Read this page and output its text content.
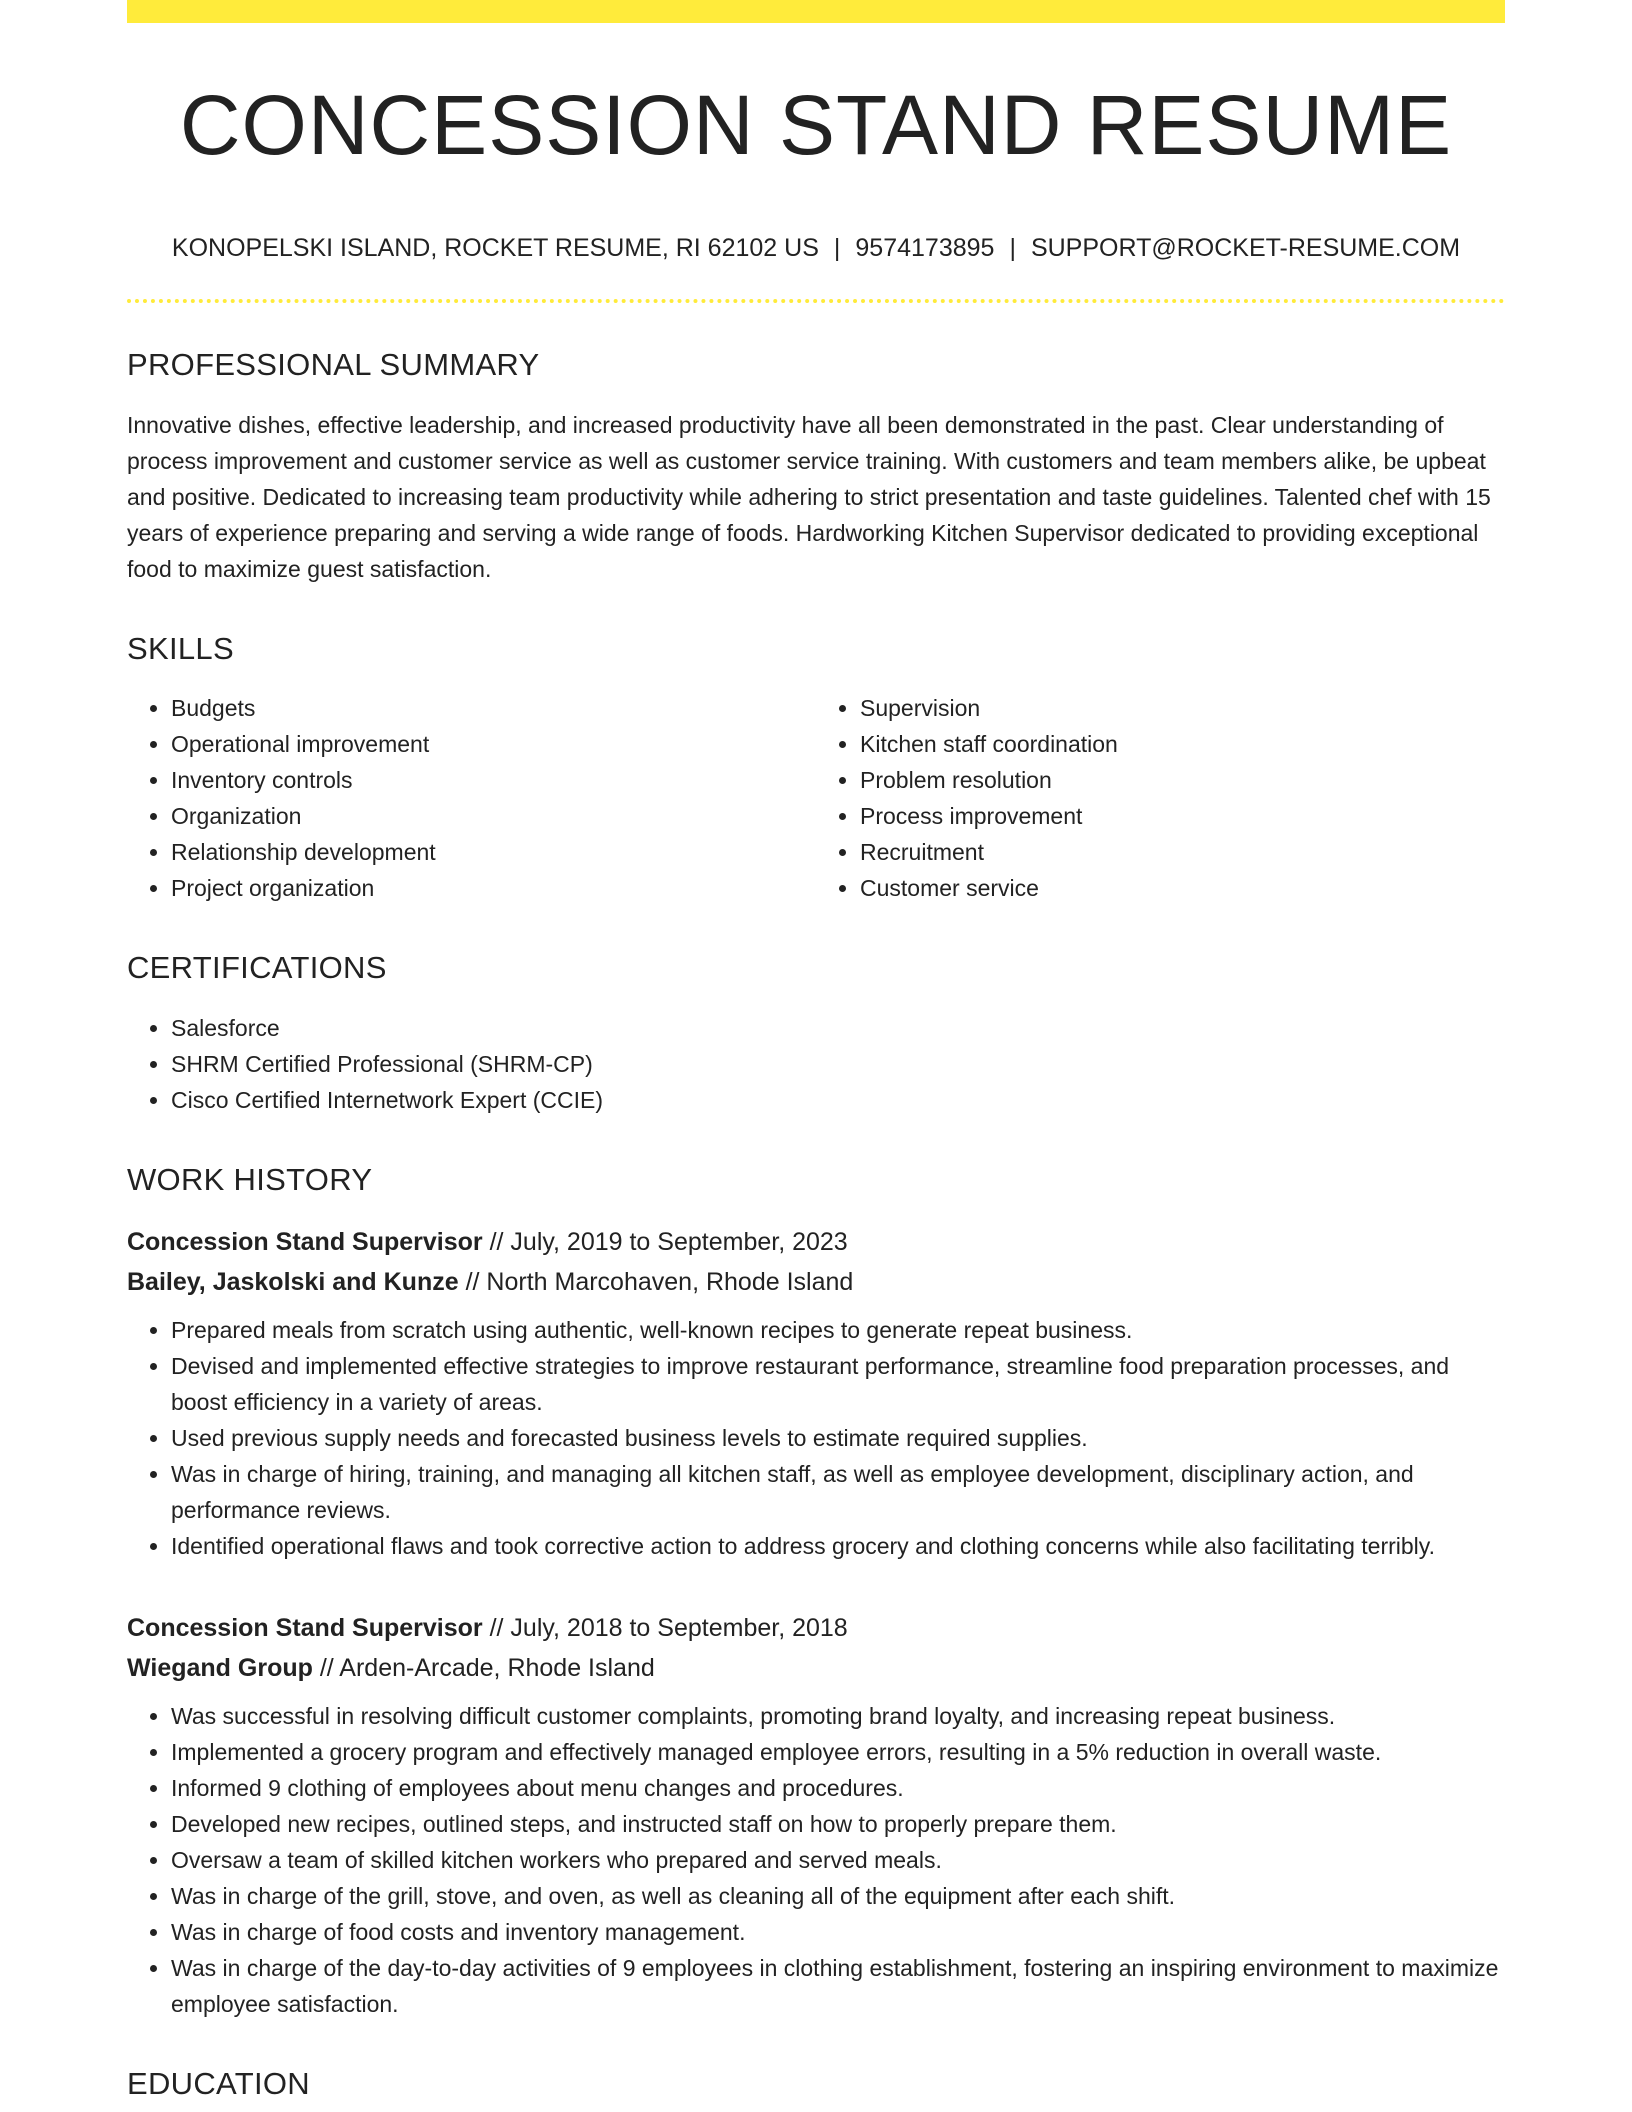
CONCESSION STAND RESUME
KONOPELSKI ISLAND, ROCKET RESUME, RI 62102 US | 9574173895 | SUPPORT@ROCKET-RESUME.COM
PROFESSIONAL SUMMARY

Innovative dishes, effective leadership, and increased productivity have all been demonstrated in the past. Clear understanding of process improvement and customer service as well as customer service training. With customers and team members alike, be upbeat and positive. Dedicated to increasing team productivity while adhering to strict presentation and taste guidelines. Talented chef with 15 years of experience preparing and serving a wide range of foods. Hardworking Kitchen Supervisor dedicated to providing exceptional food to maximize guest satisfaction.

SKILLS
• Budgets
• Operational improvement
• Inventory controls
• Organization
• Relationship development
• Project organization
• Supervision
• Kitchen staff coordination
• Problem resolution
• Process improvement
• Recruitment
• Customer service
CERTIFICATIONS
• Salesforce
• SHRM Certified Professional (SHRM-CP)
• Cisco Certified Internetwork Expert (CCIE)
WORK HISTORY
Concession Stand Supervisor // July, 2019 to September, 2023
Bailey, Jaskolski and Kunze // North Marcohaven, Rhode Island
• Prepared meals from scratch using authentic, well-known recipes to generate repeat business.
• Devised and implemented effective strategies to improve restaurant performance, streamline food preparation processes, and boost efficiency in a variety of areas.
• Used previous supply needs and forecasted business levels to estimate required supplies.
• Was in charge of hiring, training, and managing all kitchen staff, as well as employee development, disciplinary action, and performance reviews.
• Identified operational flaws and took corrective action to address grocery and clothing concerns while also facilitating terribly.
Concession Stand Supervisor // July, 2018 to September, 2018
Wiegand Group // Arden-Arcade, Rhode Island
• Was successful in resolving difficult customer complaints, promoting brand loyalty, and increasing repeat business.
• Implemented a grocery program and effectively managed employee errors, resulting in a 5% reduction in overall waste.
• Informed 9 clothing of employees about menu changes and procedures.
• Developed new recipes, outlined steps, and instructed staff on how to properly prepare them.
• Oversaw a team of skilled kitchen workers who prepared and served meals.
• Was in charge of the grill, stove, and oven, as well as cleaning all of the equipment after each shift.
• Was in charge of food costs and inventory management.
• Was in charge of the day-to-day activities of 9 employees in clothing establishment, fostering an inspiring environment to maximize employee satisfaction.
EDUCATION
